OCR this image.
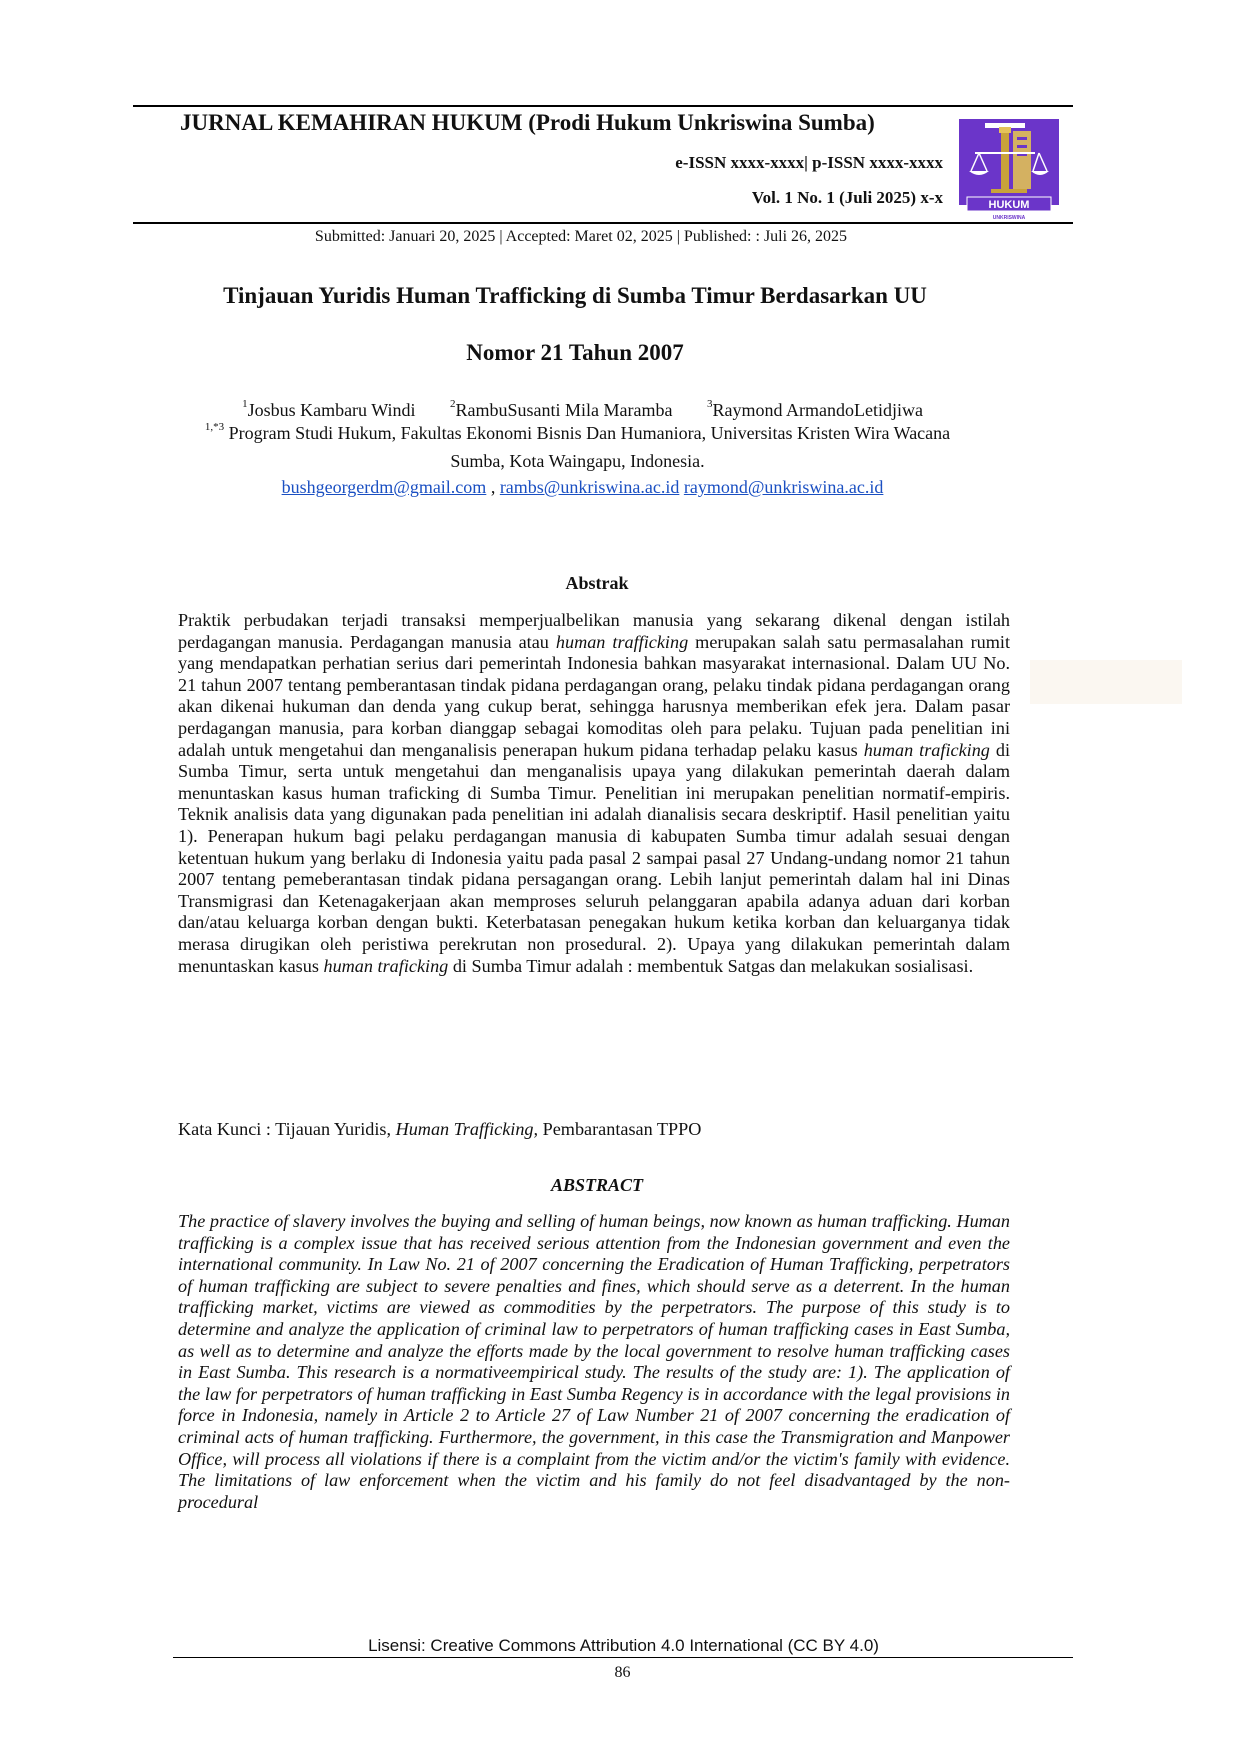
JURNAL KEMAHIRAN HUKUM (Prodi Hukum Unkriswina Sumba)
e-ISSN xxxx-xxxx| p-ISSN xxxx-xxxx
Vol. 1 No. 1 (Juli 2025) x-x	HUKUM
UNKRISWINA
Submitted: Januari 20, 2025 | Accepted: Maret 02, 2025 | Published: : Juli 26, 2025
Tinjauan Yuridis Human Trafficking di Sumba Timur Berdasarkan UU
Nomor 21 Tahun 2007
$^1$Josbus Kambaru Windi	$^2$RambuSusanti Mila Maramba	$^3$Raymond ArmandoLetidjiwa
$^{1,*3}$ Program Studi Hukum, Fakultas Ekonomi Bisnis Dan Humaniora, Universitas Kristen Wira Wacana
Sumba, Kota Waingapu, Indonesia.
bushgeorgerdm@gmail.com , rambs@unkriswina.ac.id raymond@unkriswina.ac.id
Abstrak
Praktik perbudakan terjadi transaksi memperjualbelikan manusia yang sekarang dikenal dengan istilah perdagangan manusia. Perdagangan manusia atau human trafficking merupakan salah satu permasalahan rumit yang mendapatkan perhatian serius dari pemerintah Indonesia bahkan masyarakat internasional. Dalam UU No. 21 tahun 2007 tentang pemberantasan tindak pidana perdagangan orang, pelaku tindak pidana perdagangan orang akan dikenai hukuman dan denda yang cukup berat, sehingga harusnya memberikan efek jera. Dalam pasar perdagangan manusia, para korban dianggap sebagai komoditas oleh para pelaku. Tujuan pada penelitian ini adalah untuk mengetahui dan menganalisis penerapan hukum pidana terhadap pelaku kasus human traficking di Sumba Timur, serta untuk mengetahui dan menganalisis upaya yang dilakukan pemerintah daerah dalam menuntaskan kasus human traficking di Sumba Timur. Penelitian ini merupakan penelitian normatif-empiris. Teknik analisis data yang digunakan pada penelitian ini adalah dianalisis secara deskriptif. Hasil penelitian yaitu 1). Penerapan hukum bagi pelaku perdagangan manusia di kabupaten Sumba timur adalah sesuai dengan ketentuan hukum yang berlaku di Indonesia yaitu pada pasal 2 sampai pasal 27 Undang-undang nomor 21 tahun 2007 tentang pemeberantasan tindak pidana persagangan orang. Lebih lanjut pemerintah dalam hal ini Dinas Transmigrasi dan Ketenagakerjaan akan memproses seluruh pelanggaran apabila adanya aduan dari korban dan/atau keluarga korban dengan bukti. Keterbatasan penegakan hukum ketika korban dan keluarganya tidak merasa dirugikan oleh peristiwa perekrutan non prosedural. 2). Upaya yang dilakukan pemerintah dalam menuntaskan kasus human traficking di Sumba Timur adalah : membentuk Satgas dan melakukan sosialisasi.
Kata Kunci : Tijauan Yuridis, Human Trafficking, Pembarantasan TPPO
ABSTRACT
The practice of slavery involves the buying and selling of human beings, now known as human trafficking. Human trafficking is a complex issue that has received serious attention from the Indonesian government and even the international community. In Law No. 21 of 2007 concerning the Eradication of Human Trafficking, perpetrators of human trafficking are subject to severe penalties and fines, which should serve as a deterrent. In the human trafficking market, victims are viewed as commodities by the perpetrators. The purpose of this study is to determine and analyze the application of criminal law to perpetrators of human trafficking cases in East Sumba, as well as to determine and analyze the efforts made by the local government to resolve human trafficking cases in East Sumba. This research is a normativeempirical study. The results of the study are: 1). The application of the law for perpetrators of human trafficking in East Sumba Regency is in accordance with the legal provisions in force in Indonesia, namely in Article 2 to Article 27 of Law Number 21 of 2007 concerning the eradication of criminal acts of human trafficking. Furthermore, the government, in this case the Transmigration and Manpower Office, will process all violations if there is a complaint from the victim and/or the victim's family with evidence. The limitations of law enforcement when the victim and his family do not feel disadvantaged by the non-procedural
Lisensi: Creative Commons Attribution 4.0 International (CC BY 4.0)
86
